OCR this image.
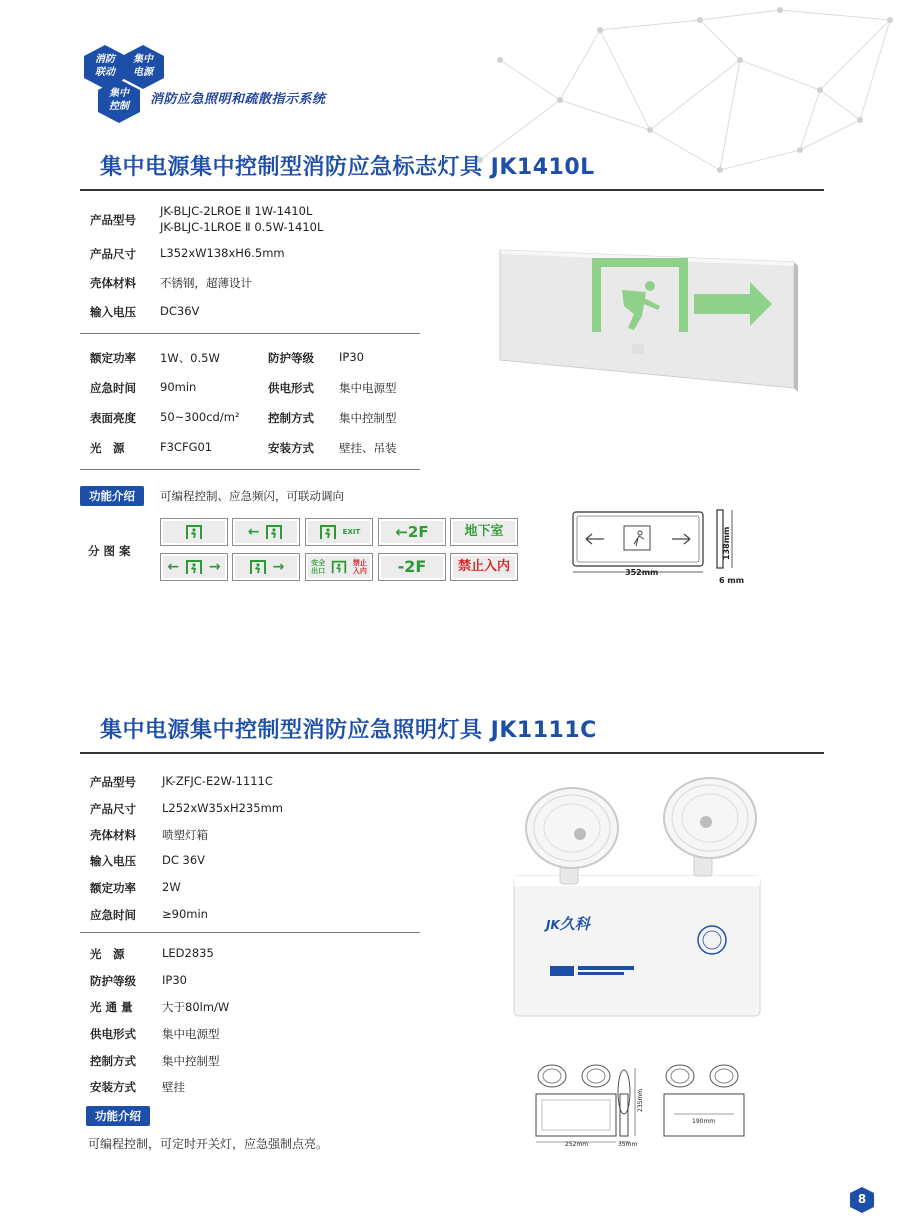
消防
联动
集中
电源
集中
控制	消防应急照明和疏散指示系统
集中电源集中控制型消防应急标志灯具 JK1410L
产品型号
JK-BLJC-2LROE Ⅱ 1W-1410L
JK-BLJC-1LROE Ⅱ 0.5W-1410L
产品尺寸 L352xW138xH6.5mm
壳体材料 不锈钢，超薄设计
输入电压 DC36V
额定功率 1W、0.5W	防护等级 IP30
应急时间 90min	供电形式 集中电源型
表面亮度 50~300cd/m² 控制方式 集中控制型
光　源	F3CFG01	安装方式 壁挂、吊装
功能介绍	可编程控制、应急频闪，可联动调向
分 图 案
←	EXIT	←2F	地下室
← →	→	安全
出口  禁止
入内	-2F	禁止入内	352mm
6 mm
138mm
集中电源集中控制型消防应急照明灯具 JK1111C
产品型号 JK-ZFJC-E2W-1111C
产品尺寸 L252xW35xH235mm
壳体材料 喷塑灯箱
输入电压 DC 36V
额定功率 2W
应急时间 ≥90min
光　源	LED2835
防护等级 IP30
光 通 量	大于80lm/W
供电形式 集中电源型
控制方式 集中控制型
安装方式 壁挂
功能介绍
可编程控制，可定时开关灯，应急强制点亮。
JK久科
252mm	35mm
235mm
190mm
8
